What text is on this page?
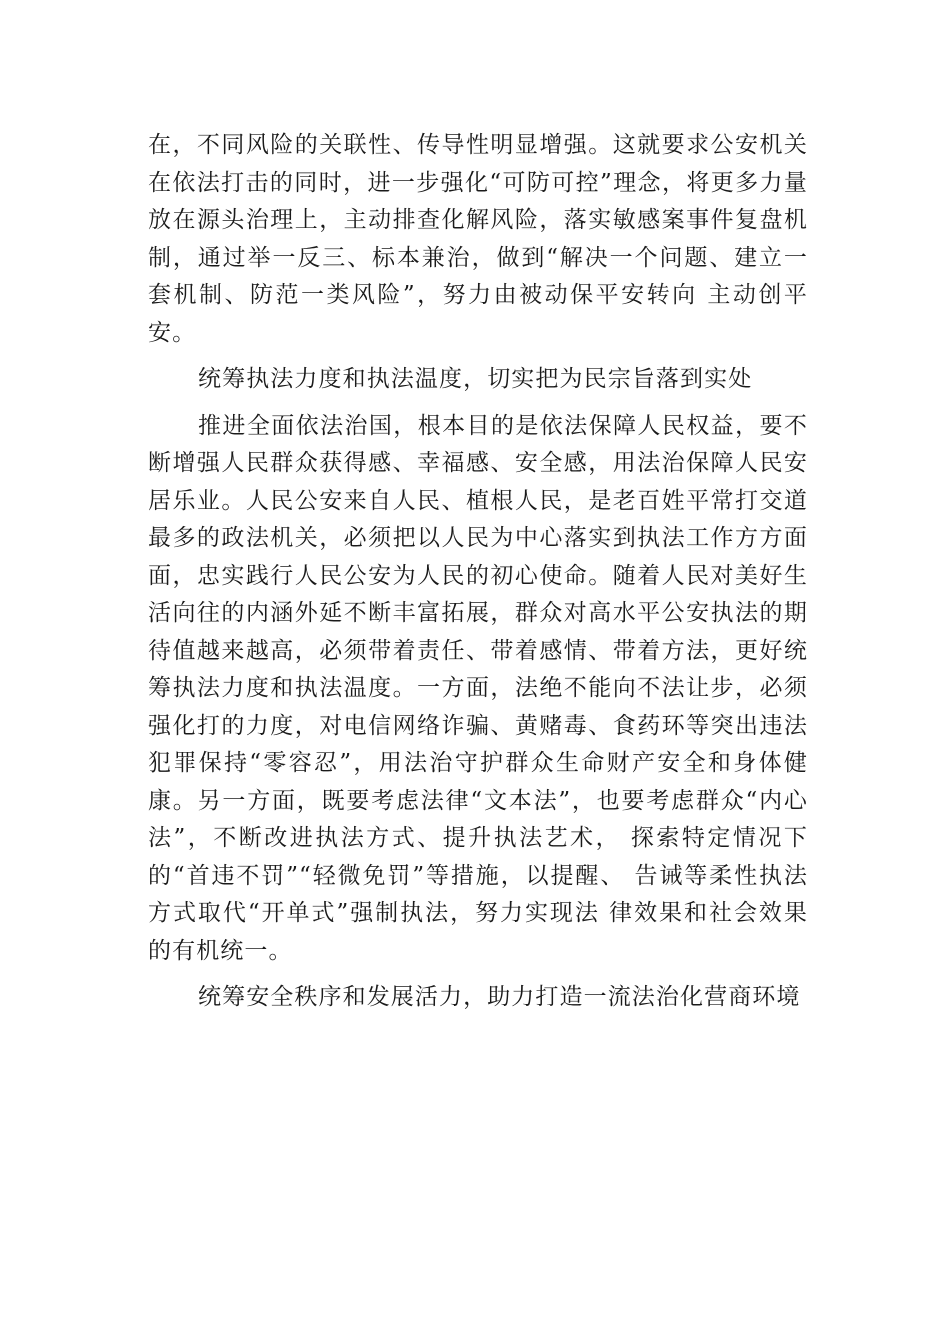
在，不同风险的关联性、传导性明显增强。这就要求公安机关在依法打击的同时，进一步强化“可防可控”理念，将更多力量放在源头治理上，主动排查化解风险，落实敏感案事件复盘机制，通过举一反三、标本兼治，做到“解决一个问题、建立一套机制、防范一类风险”，努力由被动保平安转向 主动创平安。

统筹执法力度和执法温度，切实把为民宗旨落到实处

推进全面依法治国，根本目的是依法保障人民权益，要不断增强人民群众获得感、幸福感、安全感，用法治保障人民安居乐业。人民公安来自人民、植根人民，是老百姓平常打交道最多的政法机关，必须把以人民为中心落实到执法工作方方面面，忠实践行人民公安为人民的初心使命。随着人民对美好生活向往的内涵外延不断丰富拓展，群众对高水平公安执法的期待值越来越高，必须带着责任、带着感情、带着方法，更好统筹执法力度和执法温度。一方面，法绝不能向不法让步，必须强化打的力度，对电信网络诈骗、黄赌毒、食药环等突出违法犯罪保持“零容忍”，用法治守护群众生命财产安全和身体健康。另一方面，既要考虑法律“文本法”，也要考虑群众“内心法”，不断改进执法方式、提升执法艺术， 探索特定情况下的“首违不罚”“轻微免罚”等措施，以提醒、 告诫等柔性执法方式取代“开单式”强制执法，努力实现法 律效果和社会效果的有机统一。

统筹安全秩序和发展活力，助力打造一流法治化营商环境
